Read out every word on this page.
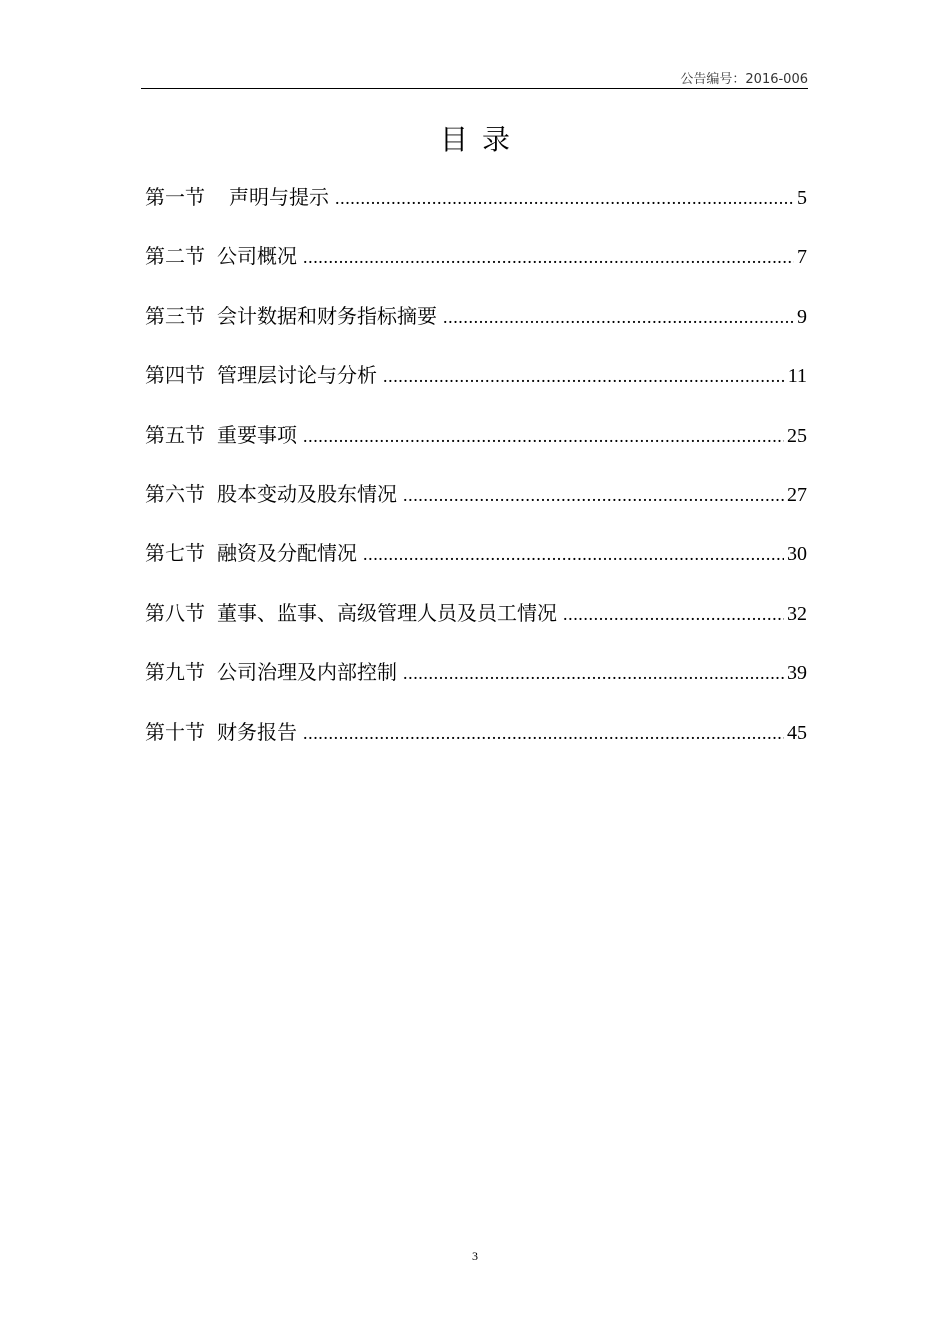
公告编号：2016-006
目录
第一节 声明与提示 .....	5
第二节 公司概况 .....	7
第三节 会计数据和财务指标摘要 .....	9
第四节 管理层讨论与分析 .....	11
第五节 重要事项 .....	25
第六节 股本变动及股东情况 .....	27
第七节 融资及分配情况 .....	30
第八节 董事、监事、高级管理人员及员工情况 .....	32
第九节 公司治理及内部控制 .....	39
第十节 财务报告 .....	45
3
